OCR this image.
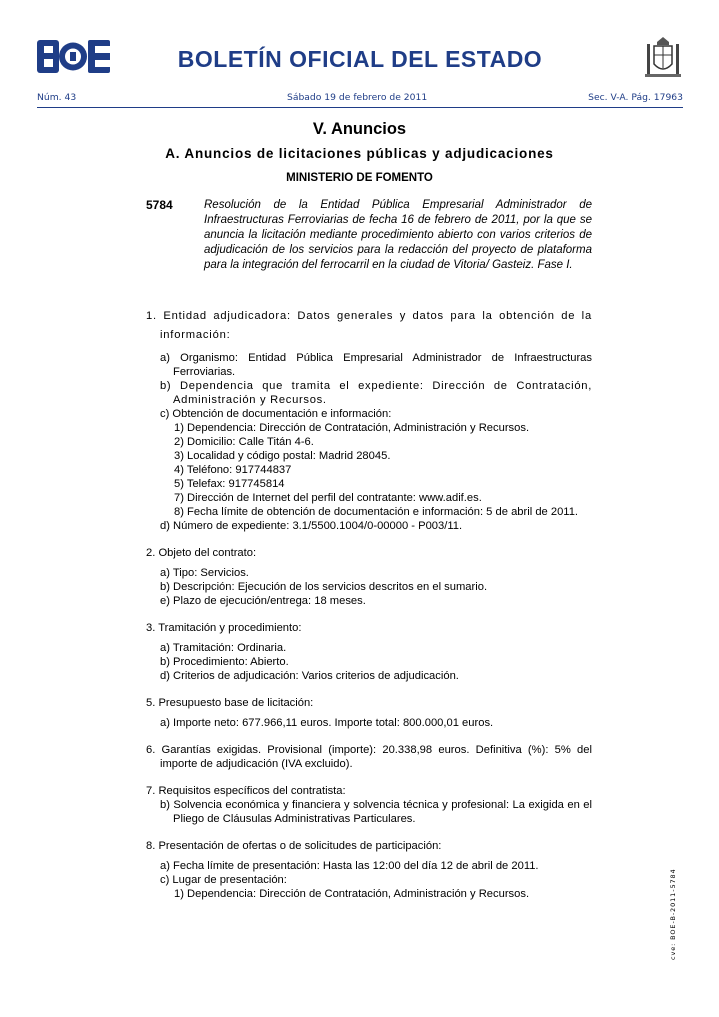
BOLETÍN OFICIAL DEL ESTADO
Núm. 43	Sábado 19 de febrero de 2011	Sec. V-A. Pág. 17963
V. Anuncios
A. Anuncios de licitaciones públicas y adjudicaciones
MINISTERIO DE FOMENTO
5784	Resolución de la Entidad Pública Empresarial Administrador de Infraestructuras Ferroviarias de fecha 16 de febrero de 2011, por la que se anuncia la licitación mediante procedimiento abierto con varios criterios de adjudicación de los servicios para la redacción del proyecto de plataforma para la integración del ferrocarril en la ciudad de Vitoria/ Gasteiz. Fase I.

1. Entidad adjudicadora: Datos generales y datos para la obtención de la información:

a) Organismo: Entidad Pública Empresarial Administrador de Infraestructuras Ferroviarias.

b) Dependencia que tramita el expediente: Dirección de Contratación, Administración y Recursos.

c) Obtención de documentación e información:

1) Dependencia: Dirección de Contratación, Administración y Recursos.

2) Domicilio: Calle Titán 4-6.

3) Localidad y código postal: Madrid 28045.

4) Teléfono: 917744837

5) Telefax: 917745814

7) Dirección de Internet del perfil del contratante: www.adif.es.

8) Fecha límite de obtención de documentación e información: 5 de abril de 2011.

d) Número de expediente: 3.1/5500.1004/0-00000 - P003/11.

2. Objeto del contrato:

a) Tipo: Servicios.

b) Descripción: Ejecución de los servicios descritos en el sumario.

e) Plazo de ejecución/entrega: 18 meses.

3. Tramitación y procedimiento:

a) Tramitación: Ordinaria.

b) Procedimiento: Abierto.

d) Criterios de adjudicación: Varios criterios de adjudicación.

5. Presupuesto base de licitación:

a) Importe neto: 677.966,11 euros. Importe total: 800.000,01 euros.

6. Garantías exigidas. Provisional (importe): 20.338,98 euros. Definitiva (%): 5% del importe de adjudicación (IVA excluido).

7. Requisitos específicos del contratista:

b) Solvencia económica y financiera y solvencia técnica y profesional: La exigida en el Pliego de Cláusulas Administrativas Particulares.

8. Presentación de ofertas o de solicitudes de participación:

a) Fecha límite de presentación: Hasta las 12:00 del día 12 de abril de 2011.

c) Lugar de presentación:

1) Dependencia: Dirección de Contratación, Administración y Recursos.	cve: BOE-B-2011-5784
